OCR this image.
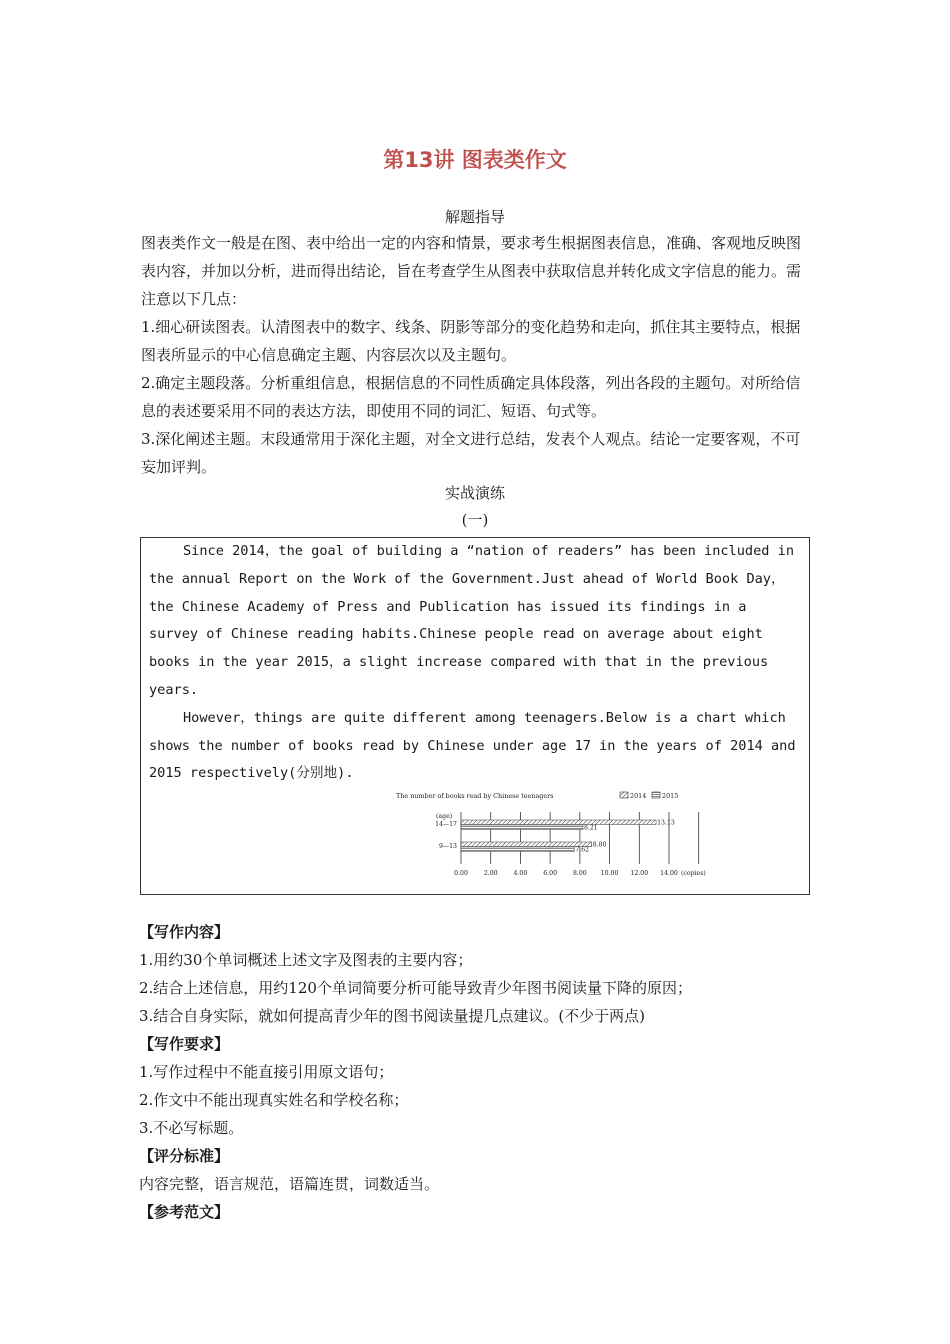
第13讲 图表类作文
解题指导

图表类作文一般是在图、表中给出一定的内容和情景，要求考生根据图表信息，准确、客观地反映图表内容，并加以分析，进而得出结论，旨在考查学生从图表中获取信息并转化成文字信息的能力。需注意以下几点：

1.细心研读图表。认清图表中的数字、线条、阴影等部分的变化趋势和走向，抓住其主要特点，根据图表所显示的中心信息确定主题、内容层次以及主题句。

2.确定主题段落。分析重组信息，根据信息的不同性质确定具体段落，列出各段的主题句。对所给信息的表述要采用不同的表达方法，即使用不同的词汇、短语、句式等。

3.深化阐述主题。末段通常用于深化主题，对全文进行总结，发表个人观点。结论一定要客观，不可妄加评判。

实战演练
(一)

Since 2014，the goal of building a “nation of readers” has been included in the annual Report on the Work of the Government.Just ahead of World Book Day，the Chinese Academy of Press and Publication has issued its findings in a survey of Chinese reading habits.Chinese people read on average about eight books in the year 2015，a slight increase compared with that in the previous years.

However，things are quite different among teenagers.Below is a chart which shows the number of books read by Chinese under age 17 in the years of 2014 and 2015 respectively(分别地).

The number of books read by Chinese teenagers	2014 2015
(age)
0.00	2.00	4.00	6.00	8.00 10.00 12.00 14.00 (copies)
14—17	13.13
8.21
9—13	8.80
7.62

【写作内容】

1.用约30个单词概述上述文字及图表的主要内容；

2.结合上述信息，用约120个单词简要分析可能导致青少年图书阅读量下降的原因；

3.结合自身实际，就如何提高青少年的图书阅读量提几点建议。(不少于两点)

【写作要求】

1.写作过程中不能直接引用原文语句；

2.作文中不能出现真实姓名和学校名称；

3.不必写标题。

【评分标准】

内容完整，语言规范，语篇连贯，词数适当。

【参考范文】
